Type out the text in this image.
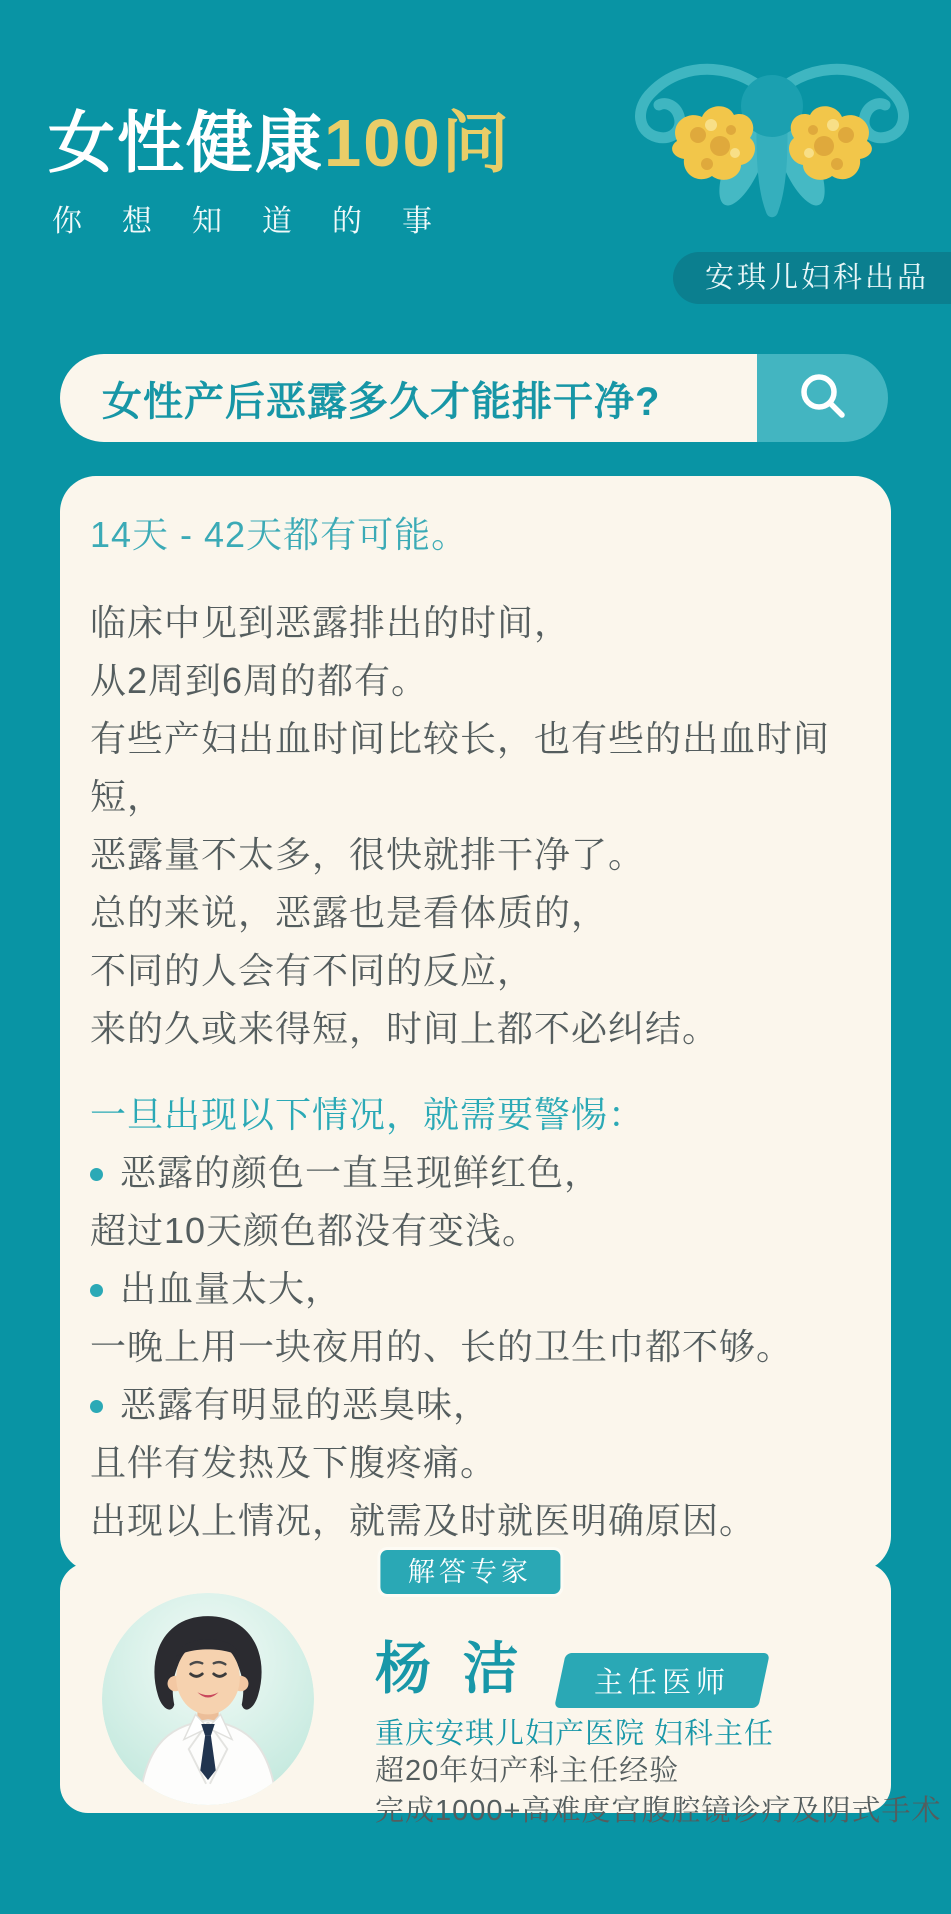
女性健康100问
你想知道的事
安琪儿妇科出品
女性产后恶露多久才能排干净?

14天 - 42天都有可能。

临床中见到恶露排出的时间，

从2周到6周的都有。

有些产妇出血时间比较长，也有些的出血时间短，

恶露量不太多，很快就排干净了。

总的来说，恶露也是看体质的，

不同的人会有不同的反应，

来的久或来得短，时间上都不必纠结。

一旦出现以下情况，就需要警惕：

恶露的颜色一直呈现鲜红色，

超过10天颜色都没有变浅。

出血量太大，

一晚上用一块夜用的、长的卫生巾都不够。

恶露有明显的恶臭味，

且伴有发热及下腹疼痛。

出现以上情况，就需及时就医明确原因。

解答专家
杨 洁	主任医师
重庆安琪儿妇产医院 妇科主任

超20年妇产科主任经验

完成1000+高难度宫腹腔镜诊疗及阴式手术
